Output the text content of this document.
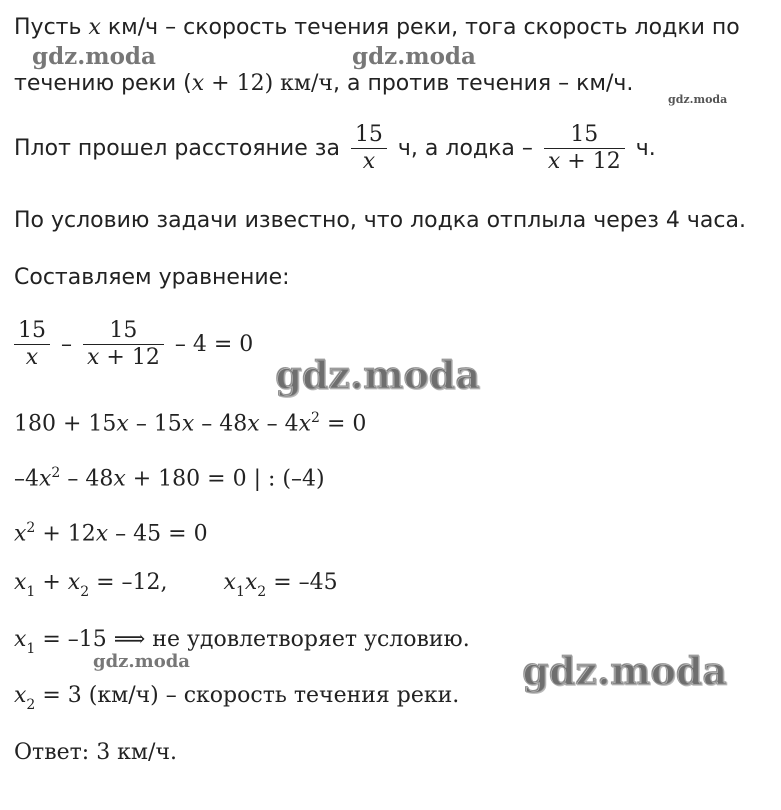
Пусть x км/ч – скорость течения реки, тога скорость лодки по
течению реки (x + 12) км/ч, а против течения – км/ч.
Плот прошел расстояние за $\frac{15}{x} ч$, а лодка – $\frac{15}{x + 12} ч$.
По условию задачи известно, что лодка отплыла через 4 часа.
Составляем уравнение:
$\frac{15}{x} - \frac{15}{x + 12} - 4 = 0$
$180 + 15x - 15x - 48x - 4x^2 = 0$
$-4x^2 - 48x + 180 = 0$ | : (–4)
$x^2 + 12x - 45 = 0$
$x_1 + x_2 = -12$,	$x_1x_2 = -45$
$x_1 = -15$ ⟹ не удовлетворяет условию.
$x_2 = 3$ (км/ч) – скорость течения реки.
Ответ: 3 км/ч.
gdz.moda	gdz.moda
gdz.moda
gdz.moda
gdz.moda	gdz.moda
